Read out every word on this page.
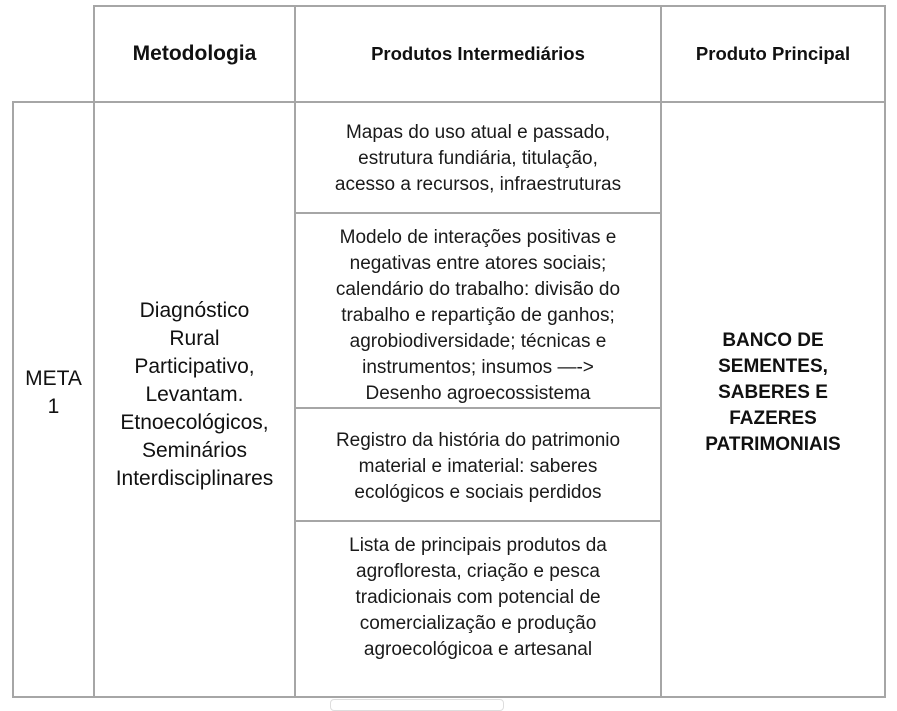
Metodologia	Produtos Intermediários	Produto Principal
META 1
Diagnóstico
Rural
Participativo,
Levantam.
Etnoecológicos,
Seminários
Interdisciplinares
Mapas do uso atual e passado,
estrutura fundiária, titulação,
acesso a recursos, infraestruturas
Modelo de interações positivas e
negativas entre atores sociais;
calendário do trabalho: divisão do
trabalho e repartição de ganhos;
agrobiodiversidade; técnicas e
instrumentos; insumos —->
Desenho agroecossistema
Registro da história do patrimonio
material e imaterial: saberes
ecológicos e sociais perdidos
Lista de principais produtos da
agrofloresta, criação e pesca
tradicionais com potencial de
comercialização e produção
agroecológicoa e artesanal
BANCO DE
SEMENTES,
SABERES E
FAZERES
PATRIMONIAIS
